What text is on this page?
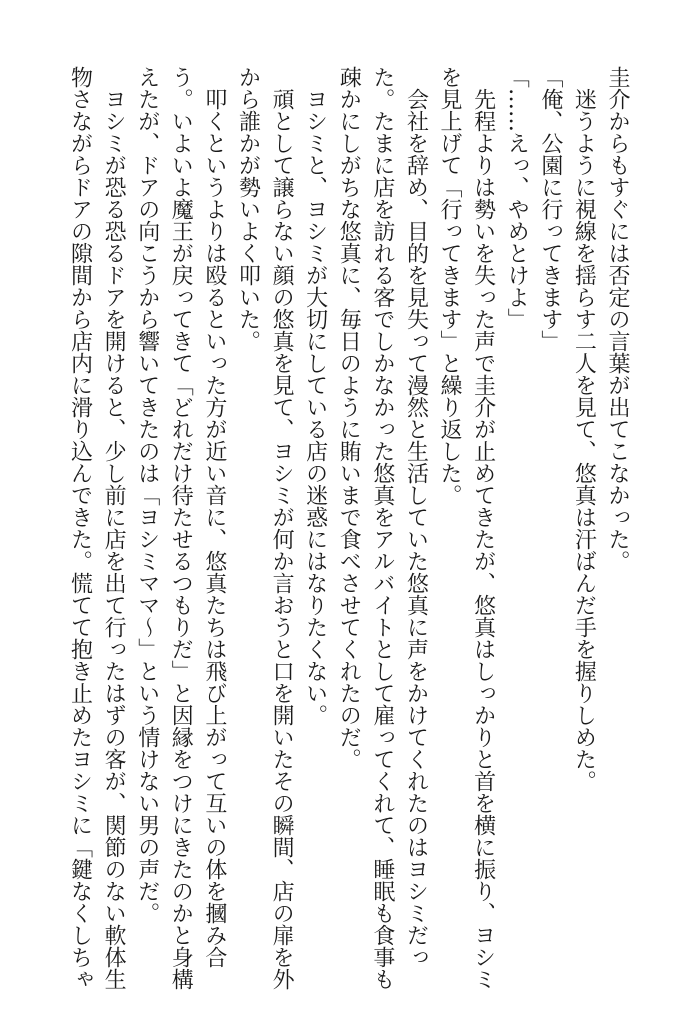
圭介からもすぐには否定の言葉が出てこなかった。
　迷うように視線を揺らす二人を見て、悠真は汗ばんだ手を握りしめた。
「俺、公園に行ってきます」
「……えっ、やめとけよ」
　先程よりは勢いを失った声で圭介が止めてきたが、悠真はしっかりと首を横に振り、ヨシミ
を見上げて「行ってきます」と繰り返した。
　会社を辞め、目的を見失って漫然と生活していた悠真に声をかけてくれたのはヨシミだっ
た。たまに店を訪れる客でしかなかった悠真をアルバイトとして雇ってくれて、睡眠も食事も
疎かにしがちな悠真に、毎日のように賄いまで食べさせてくれたのだ。
　ヨシミと、ヨシミが大切にしている店の迷惑にはなりたくない。
　頑として譲らない顔の悠真を見て、ヨシミが何か言おうと口を開いたその瞬間、店の扉を外
から誰かが勢いよく叩いた。
　叩くというよりは殴るといった方が近い音に、悠真たちは飛び上がって互いの体を摑み合
う。いよいよ魔王が戻ってきて「どれだけ待たせるつもりだ」と因縁をつけにきたのかと身構
えたが、ドアの向こうから響いてきたのは「ヨシミママ〜」という情けない男の声だ。
　ヨシミが恐る恐るドアを開けると、少し前に店を出て行ったはずの客が、関節のない軟体生
物さながらドアの隙間から店内に滑り込んできた。慌てて抱き止めたヨシミに「鍵なくしちゃ
